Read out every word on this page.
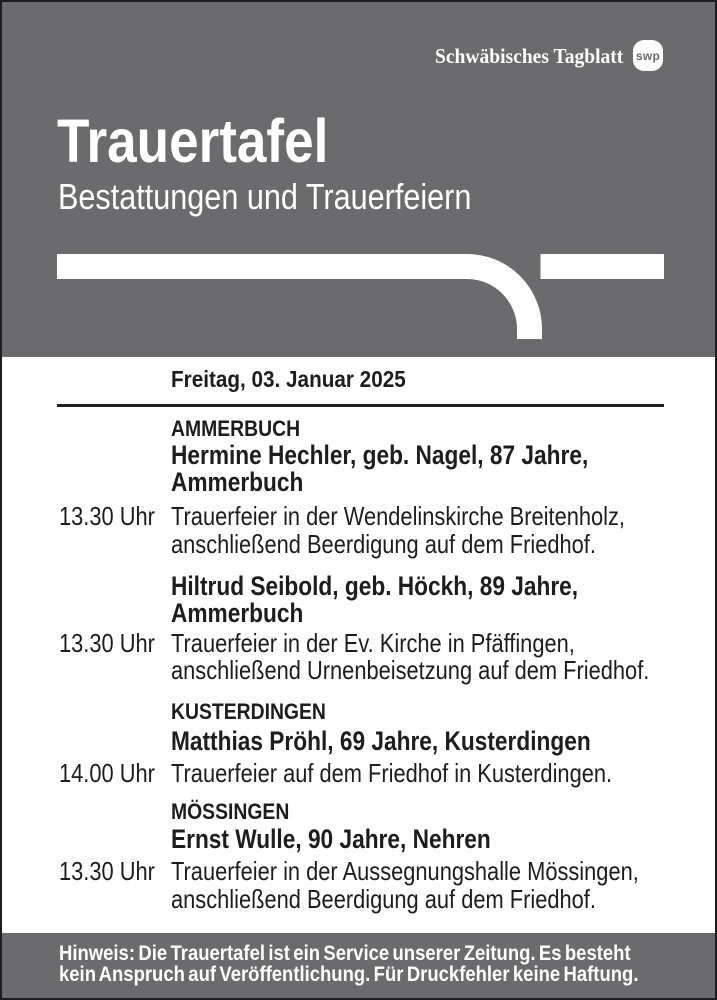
Schwäbisches Tagblatt swp
Trauertafel
Bestattungen und Trauerfeiern
Freitag, 03. Januar 2025
AMMERBUCH
Hermine Hechler, geb. Nagel, 87 Jahre,
Ammerbuch
13.30 Uhr Trauerfeier in der Wendelinskirche Breitenholz,
anschließend Beerdigung auf dem Friedhof.
Hiltrud Seibold, geb. Höckh, 89 Jahre,
Ammerbuch
13.30 Uhr Trauerfeier in der Ev. Kirche in Pfäffingen,
anschließend Urnenbeisetzung auf dem Friedhof.
KUSTERDINGEN
Matthias Pröhl, 69 Jahre, Kusterdingen
14.00 Uhr Trauerfeier auf dem Friedhof in Kusterdingen.
MÖSSINGEN
Ernst Wulle, 90 Jahre, Nehren
13.30 Uhr Trauerfeier in der Aussegnungshalle Mössingen,
anschließend Beerdigung auf dem Friedhof.
Hinweis: Die Trauertafel ist ein Service unserer Zeitung. Es besteht
kein Anspruch auf Veröffentlichung. Für Druckfehler keine Haftung.
